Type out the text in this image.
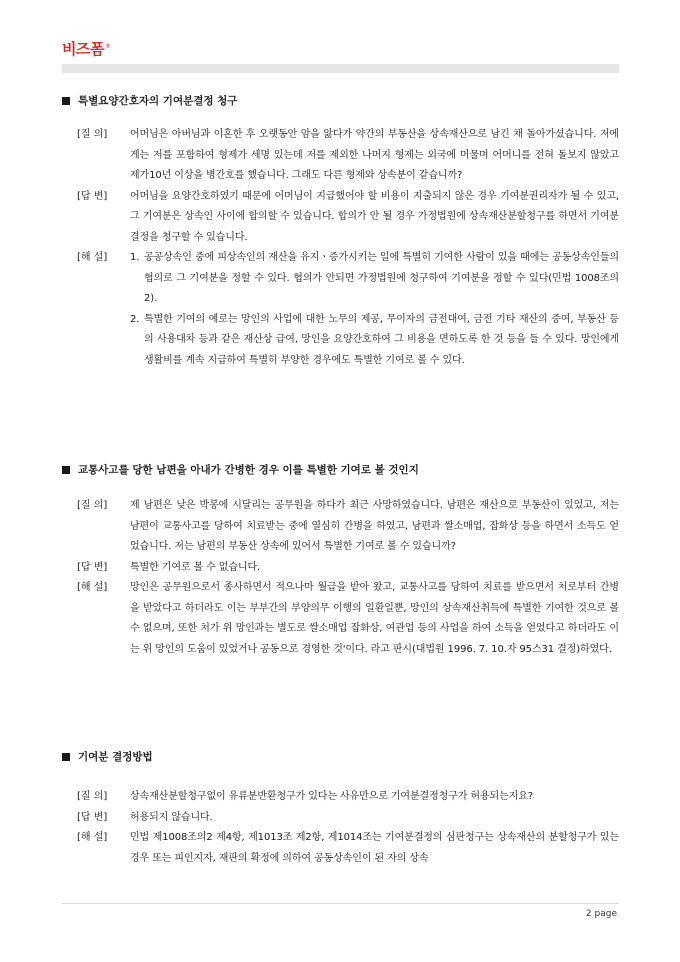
비즈폼 ®
특별요양간호자의 기여분결정 청구
[질 의]	어머님은 아버님과 이혼한 후 오랫동안 암을 앓다가 약간의 부동산을 상속재산으로 남긴 채 돌아가셨습니다. 저에게는 저를 포함하여 형제가 세명 있는데 저를 제외한 나머지 형제는 외국에 머물며 어머니를 전혀 돌보지 않았고 제가10년 이상을 병간호를 했습니다. 그래도 다른 형제와 상속분이 같습니까?
[답 변]	어머님을 요양간호하였기 때문에 어머님이 지급했어야 할 비용이 지출되지 않은 경우 기여분권리자가 될 수 있고, 그 기여분은 상속인 사이에 합의할 수 있습니다. 합의가 안 될 경우 가정법원에 상속재산분할청구를 하면서 기여분결정을 청구할 수 있습니다.
[해 설]	1. 공공상속인 중에 피상속인의 재산을 유지ㆍ증가시키는 일에 특별히 기여한 사람이 있을 때에는 공동상속인들의 협의로 그 기여분을 정할 수 있다. 협의가 안되면 가정법원에 청구하여 기여분을 정할 수 있다(민법 1008조의2).
2. 특별한 기여의 예로는 망인의 사업에 대한 노무의 제공, 무이자의 금전대여, 금전 기타 재산의 증여, 부동산 등의 사용대차 등과 같은 재산상 급여, 망인을 요양간호하여 그 비용을 면하도록 한 것 등을 들 수 있다. 망인에게 생활비를 계속 지급하여 특별히 부양한 경우에도 특별한 기여로 볼 수 있다.
교통사고를 당한 남편을 아내가 간병한 경우 이를 특별한 기여로 볼 것인지
[질 의]	제 남편은 낮은 박봉에 시달리는 공무원을 하다가 최근 사망하였습니다. 남편은 재산으로 부동산이 있었고, 저는 남편이 교통사고를 당하여 치료받는 중에 열심히 간병을 하였고, 남편과 쌀소매업, 잡화상 등을 하면서 소득도 얻었습니다. 저는 남편의 부동산 상속에 있어서 특별한 기여로 볼 수 있습니까?
[답 변]	특별한 기여로 볼 수 없습니다.
[해 설]	망인은 공무원으로서 종사하면서 적으나마 월급을 받아 왔고, 교통사고를 당하여 치료를 받으면서 처로부터 간병을 받았다고 하더라도 이는 부부간의 부양의무 이행의 일환일뿐, 망인의 상속재산취득에 특별한 기여한 것으로 볼 수 없으며, 또한 처가 위 망인과는 별도로 쌀소매업 잡화상, 여관업 등의 사업을 하여 소득을 얻었다고 하더라도 이는 위 망인의 도움이 있었거나 공동으로 경영한 것'이다. 라고 판시(대법원 1996. 7. 10.자 95스31 결정)하였다.
기여분 결정방법
[질 의]	상속재산분할청구없이 유류분반환청구가 있다는 사유만으로 기여분결정청구가 허용되는지요?
[답 변]	허용되지 않습니다.
[해 설]	민법 제1008조의2 제4항, 제1013조 제2항, 제1014조는 기여분결정의 심판청구는 상속재산의 분할청구가 있는 경우 또는 피인지자, 재판의 확정에 의하여 공동상속인이 된 자의 상속
2 page
